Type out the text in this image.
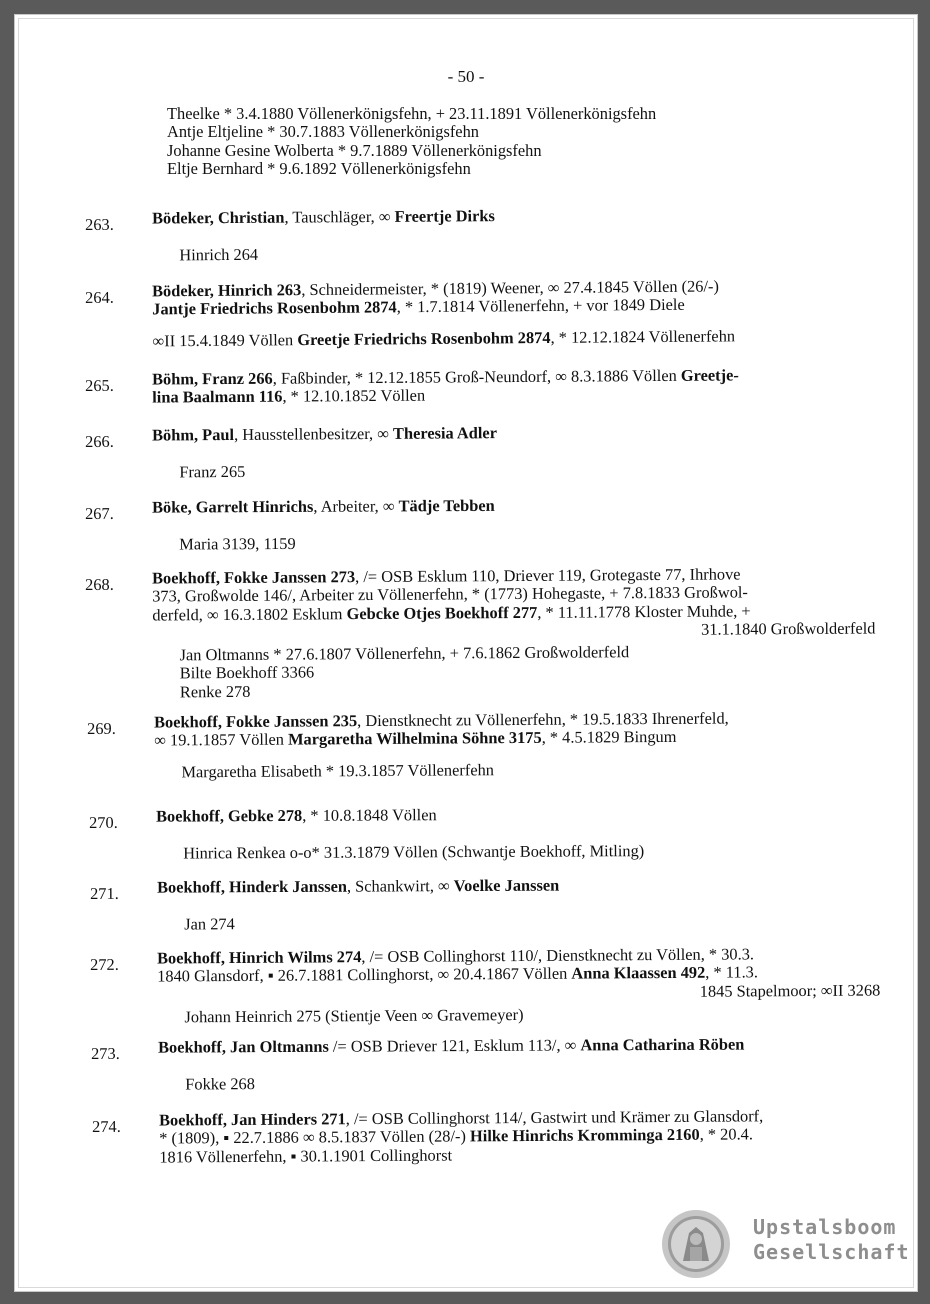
- 50 -
Theelke * 3.4.1880 Völlenerkönigsfehn, + 23.11.1891 Völlenerkönigsfehn
Antje Eltjeline * 30.7.1883 Völlenerkönigsfehn
Johanne Gesine Wolberta * 9.7.1889 Völlenerkönigsfehn
Eltje Bernhard * 9.6.1892 Völlenerkönigsfehn
263.	Bödeker, Christian, Tauschläger, ∞ Freertje Dirks
Hinrich 264
264.	Bödeker, Hinrich 263, Schneidermeister, * (1819) Weener, ∞ 27.4.1845 Völlen (26/-)
Jantje Friedrichs Rosenbohm 2874, * 1.7.1814 Völlenerfehn, + vor 1849 Diele
∞II 15.4.1849 Völlen Greetje Friedrichs Rosenbohm 2874, * 12.12.1824 Völlenerfehn
265.	Böhm, Franz 266, Faßbinder, * 12.12.1855 Groß-Neundorf, ∞ 8.3.1886 Völlen Greetje-
lina Baalmann 116, * 12.10.1852 Völlen
266.	Böhm, Paul, Hausstellenbesitzer, ∞ Theresia Adler
Franz 265
267.	Böke, Garrelt Hinrichs, Arbeiter, ∞ Tädje Tebben
Maria 3139, 1159
268.	Boekhoff, Fokke Janssen 273, /= OSB Esklum 110, Driever 119, Grotegaste 77, Ihrhove
373, Großwolde 146/, Arbeiter zu Völlenerfehn, * (1773) Hohegaste, + 7.8.1833 Großwol-
derfeld, ∞ 16.3.1802 Esklum Gebcke Otjes Boekhoff 277, * 11.11.1778 Kloster Muhde, +
31.1.1840 Großwolderfeld
Jan Oltmanns * 27.6.1807 Völlenerfehn, + 7.6.1862 Großwolderfeld
Bilte Boekhoff 3366
Renke 278
269.	Boekhoff, Fokke Janssen 235, Dienstknecht zu Völlenerfehn, * 19.5.1833 Ihrenerfeld,
∞ 19.1.1857 Völlen Margaretha Wilhelmina Söhne 3175, * 4.5.1829 Bingum
Margaretha Elisabeth * 19.3.1857 Völlenerfehn
270.	Boekhoff, Gebke 278, * 10.8.1848 Völlen
Hinrica Renkea o-o* 31.3.1879 Völlen (Schwantje Boekhoff, Mitling)
271.	Boekhoff, Hinderk Janssen, Schankwirt, ∞ Voelke Janssen
Jan 274
272.	Boekhoff, Hinrich Wilms 274, /= OSB Collinghorst 110/, Dienstknecht zu Völlen, * 30.3.
1840 Glansdorf, ▪ 26.7.1881 Collinghorst, ∞ 20.4.1867 Völlen Anna Klaassen 492, * 11.3.
1845 Stapelmoor; ∞II 3268
Johann Heinrich 275 (Stientje Veen ∞ Gravemeyer)
273.	Boekhoff, Jan Oltmanns /= OSB Driever 121, Esklum 113/, ∞ Anna Catharina Röben
Fokke 268
274.	Boekhoff, Jan Hinders 271, /= OSB Collinghorst 114/, Gastwirt und Krämer zu Glansdorf,
* (1809), ▪ 22.7.1886 ∞ 8.5.1837 Völlen (28/-) Hilke Hinrichs Kromminga 2160, * 20.4.
1816 Völlenerfehn, ▪ 30.1.1901 Collinghorst
Upstalsboom
Gesellschaft
